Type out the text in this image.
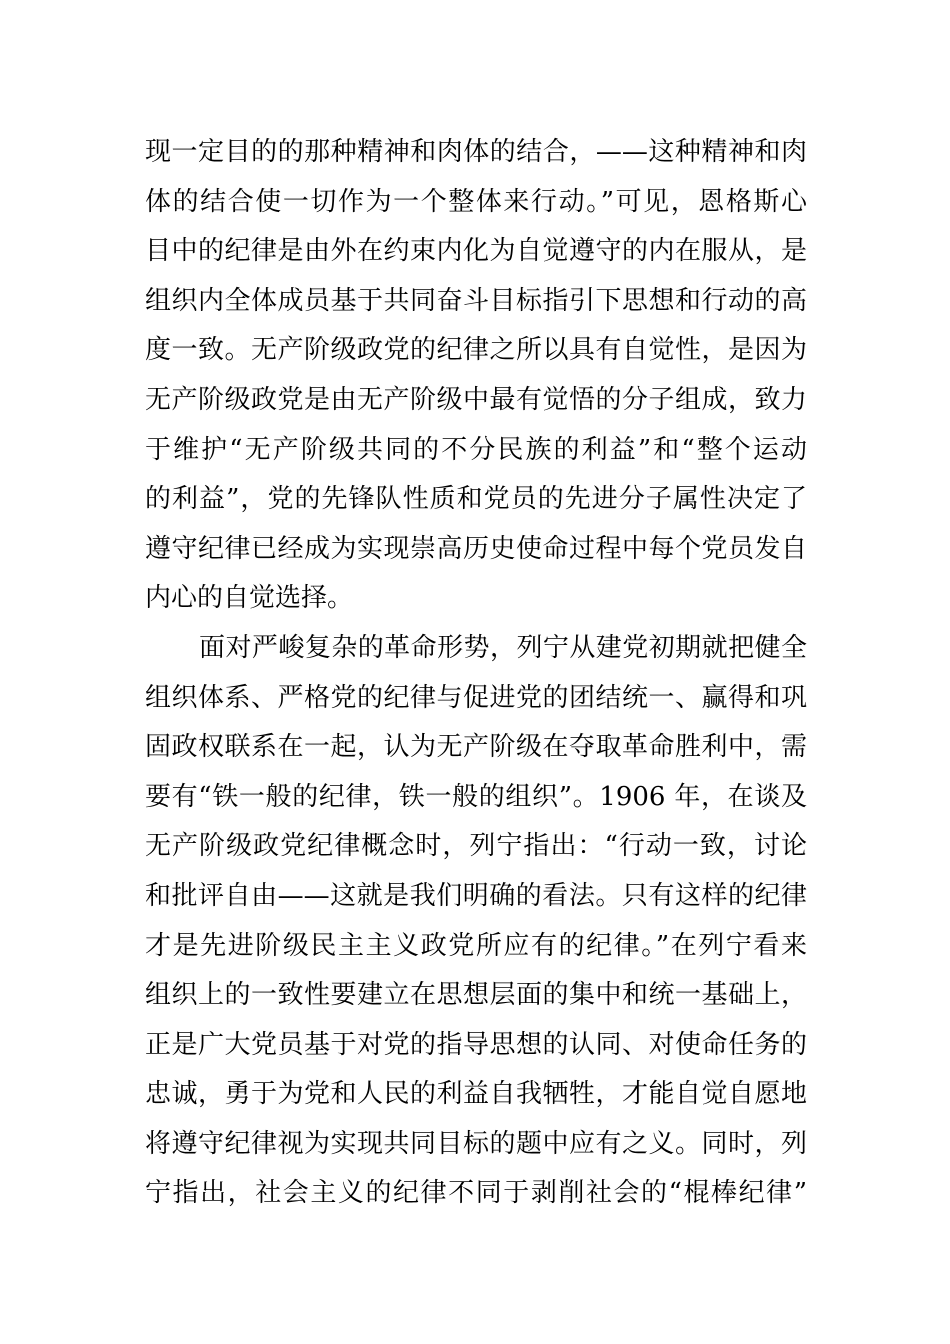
现一定目的的那种精神和肉体的结合，——这种精神和肉
体的结合使一切作为一个整体来行动。”可见，恩格斯心
目中的纪律是由外在约束内化为自觉遵守的内在服从，是
组织内全体成员基于共同奋斗目标指引下思想和行动的高
度一致。无产阶级政党的纪律之所以具有自觉性，是因为
无产阶级政党是由无产阶级中最有觉悟的分子组成，致力
于维护“无产阶级共同的不分民族的利益”和“整个运动
的利益”，党的先锋队性质和党员的先进分子属性决定了
遵守纪律已经成为实现崇高历史使命过程中每个党员发自
内心的自觉选择。
面对严峻复杂的革命形势，列宁从建党初期就把健全
组织体系、严格党的纪律与促进党的团结统一、赢得和巩
固政权联系在一起，认为无产阶级在夺取革命胜利中，需
要有“铁一般的纪律，铁一般的组织”。1906 年，在谈及
无产阶级政党纪律概念时，列宁指出：“行动一致，讨论
和批评自由——这就是我们明确的看法。只有这样的纪律
才是先进阶级民主主义政党所应有的纪律。”在列宁看来
组织上的一致性要建立在思想层面的集中和统一基础上，
正是广大党员基于对党的指导思想的认同、对使命任务的
忠诚，勇于为党和人民的利益自我牺牲，才能自觉自愿地
将遵守纪律视为实现共同目标的题中应有之义。同时，列
宁指出，社会主义的纪律不同于剥削社会的“棍棒纪律”
